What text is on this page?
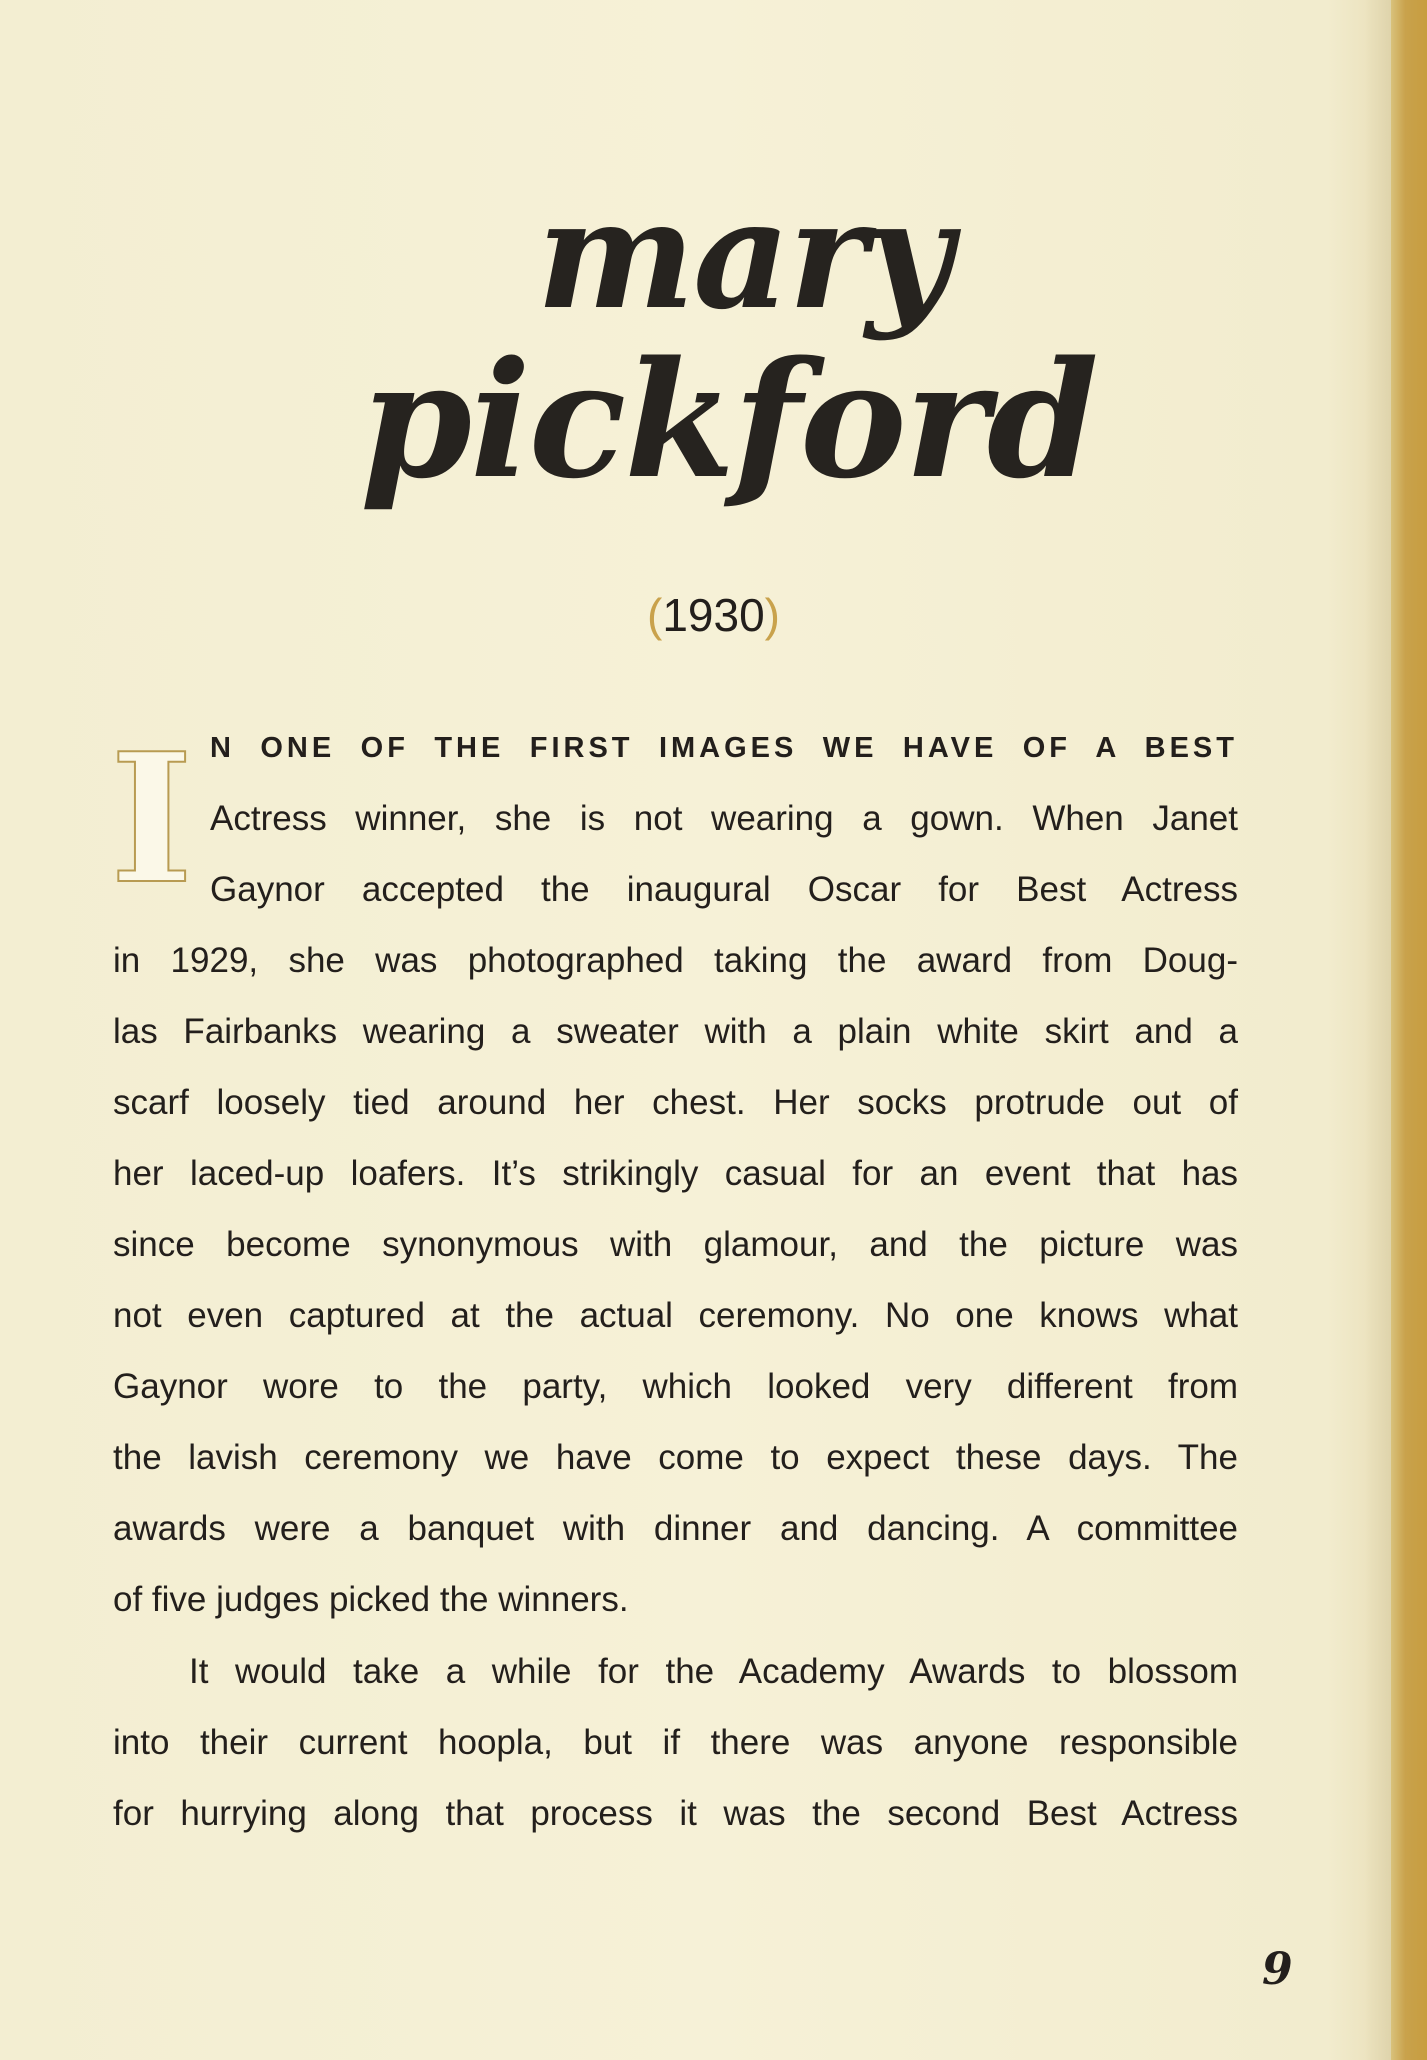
mary
pickford
(1930)
I N ONE OF THE FIRST IMAGES WE HAVE OF A BEST
Actress winner, she is not wearing a gown. When Janet
Gaynor accepted the inaugural Oscar for Best Actress
in 1929, she was photographed taking the award from Doug-
las Fairbanks wearing a sweater with a plain white skirt and a
scarf loosely tied around her chest. Her socks protrude out of
her laced-up loafers. It’s strikingly casual for an event that has
since become synonymous with glamour, and the picture was
not even captured at the actual ceremony. No one knows what
Gaynor wore to the party, which looked very different from
the lavish ceremony we have come to expect these days. The
awards were a banquet with dinner and dancing. A committee
of five judges picked the winners.
It would take a while for the Academy Awards to blossom
into their current hoopla, but if there was anyone responsible
for hurrying along that process it was the second Best Actress
9
